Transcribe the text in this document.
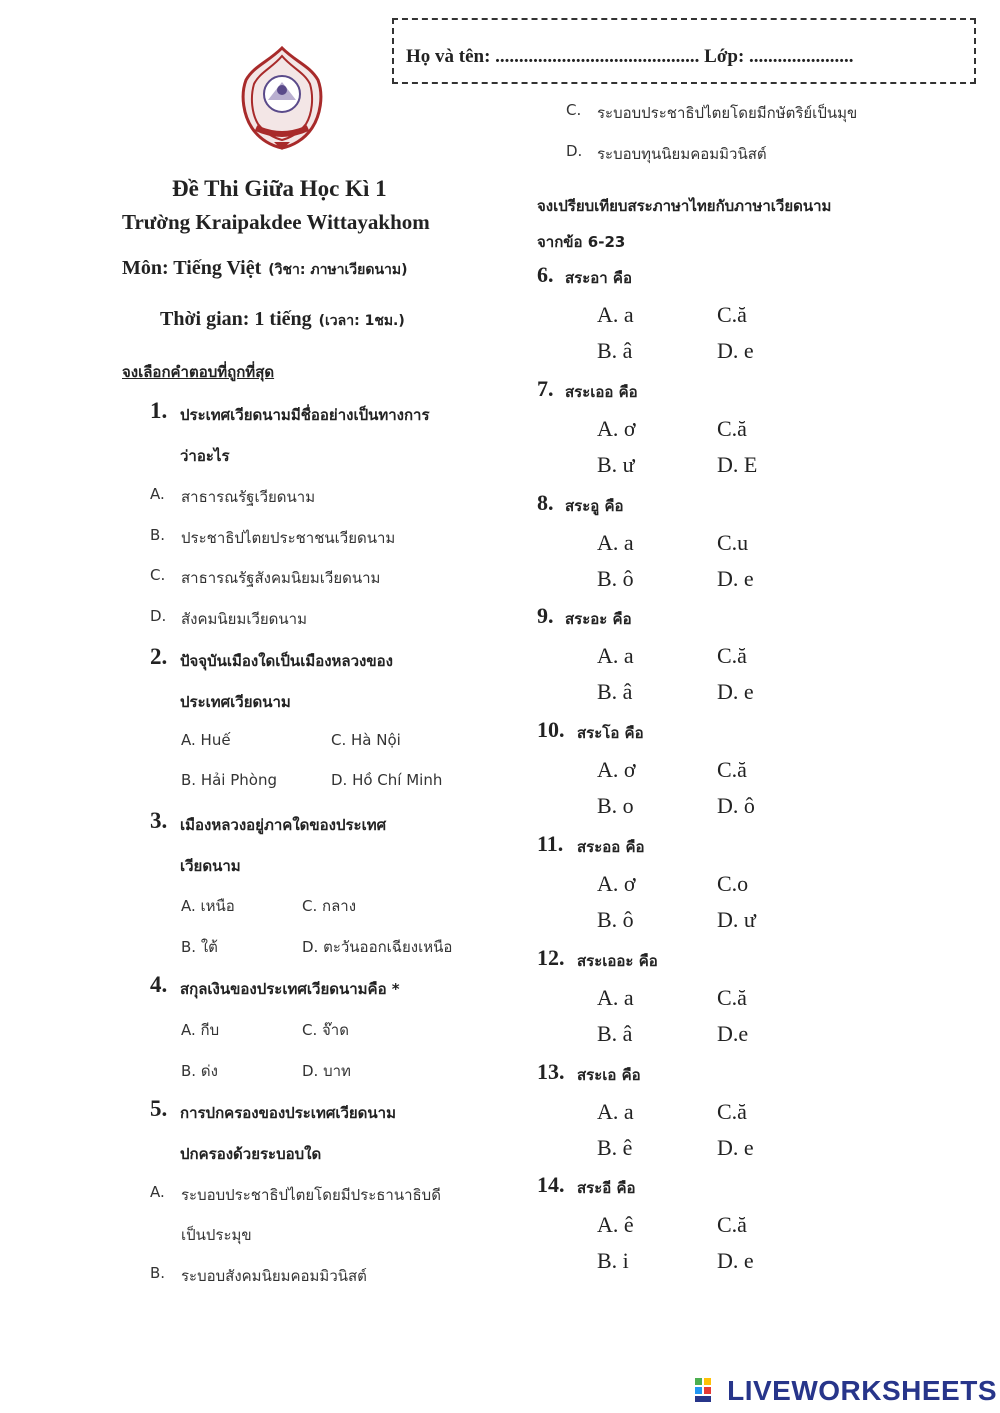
Họ và tên: ........................................... Lớp: ......................
Đề Thi Giữa Học Kì 1
Trường Kraipakdee Wittayakhom
Môn: Tiếng Việt (วิชา: ภาษาเวียดนาม)
Thời gian: 1 tiếng (เวลา: 1ชม.)
จงเลือกคำตอบที่ถูกที่สุด
1. ประเทศเวียดนามมีชื่ออย่างเป็นทางการ
ว่าอะไร
A. สาธารณรัฐเวียดนาม
B. ประชาธิปไตยประชาชนเวียดนาม
C. สาธารณรัฐสังคมนิยมเวียดนาม
D. สังคมนิยมเวียดนาม
2. ปัจจุบันเมืองใดเป็นเมืองหลวงของ
ประเทศเวียดนาม
A. Huế	C. Hà Nội
B. Hải Phòng	D. Hồ Chí Minh
3. เมืองหลวงอยู่ภาคใดของประเทศ
เวียดนาม
A. เหนือ	C. กลาง
B. ใต้	D. ตะวันออกเฉียงเหนือ
4. สกุลเงินของประเทศเวียดนามคือ *
A. กีบ	C. จ๊าด
B. ด่ง	D. บาท
5. การปกครองของประเทศเวียดนาม
ปกครองด้วยระบอบใด
A. ระบอบประชาธิปไตยโดยมีประธานาธิบดี
เป็นประมุข
B. ระบอบสังคมนิยมคอมมิวนิสต์
C. ระบอบประชาธิปไตยโดยมีกษัตริย์เป็นมุข
D. ระบอบทุนนิยมคอมมิวนิสต์
จงเปรียบเทียบสระภาษาไทยกับภาษาเวียดนาม
จากข้อ 6-23
6. สระอา คือ
A. a	C.ă
B. â	D. e
7. สระเออ คือ
A. ơ	C.ă
B. ư	D. E
8. สระอู คือ
A. a	C.u
B. ô	D. e
9. สระอะ คือ
A. a	C.ă
B. â	D. e
10. สระโอ คือ
A. ơ	C.ă
B. o	D. ô
11. สระออ คือ
A. ơ	C.o
B. ô	D. ư
12. สระเออะ คือ
A. a	C.ă
B. â	D.e
13. สระเอ คือ
A. a	C.ă
B. ê	D. e
14. สระอี คือ
A. ê	C.ă
B. i	D. e
LIVEWORKSHEETS
